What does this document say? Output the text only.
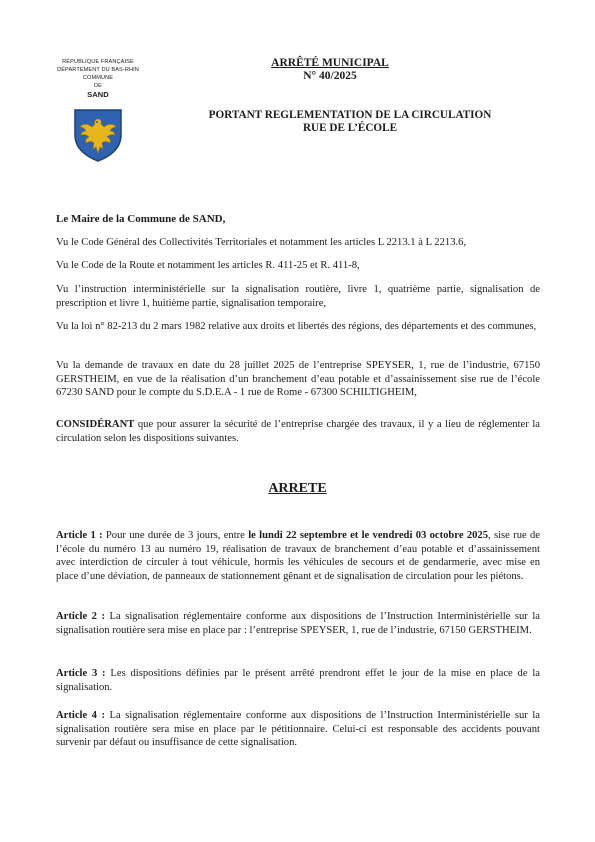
RÉPUBLIQUE FRANÇAISE
DÉPARTEMENT DU BAS-RHIN
COMMUNE
DE
SAND
ARRÊTÉ MUNICIPAL
N° 40/2025
PORTANT REGLEMENTATION DE LA CIRCULATION
RUE DE L’ÉCOLE
Le Maire de la Commune de SAND,
Vu le Code Général des Collectivités Territoriales et notamment les articles L 2213.1 à L 2213.6,
Vu le Code de la Route et notamment les articles R. 411-25 et R. 411-8,
Vu l’instruction interministérielle sur la signalisation routière, livre 1, quatrième partie, signalisation de prescription et livre 1, huitième partie, signalisation temporaire,
Vu la loi n° 82-213 du 2 mars 1982 relative aux droits et libertés des régions, des départements et des communes,
Vu la demande de travaux en date du 28 juillet 2025 de l’entreprise SPEYSER, 1, rue de l’industrie, 67150 GERSTHEIM, en vue de la réalisation d’un branchement d’eau potable et d’assainissement sise rue de l’école 67230 SAND pour le compte du S.D.E.A - 1 rue de Rome - 67300 SCHILTIGHEIM,
CONSIDÉRANT que pour assurer la sécurité de l’entreprise chargée des travaux, il y a lieu de réglementer la circulation selon les dispositions suivantes.
ARRETE
Article 1 : Pour une durée de 3 jours, entre le lundi 22 septembre et le vendredi 03 octobre 2025, sise rue de l’école du numéro 13 au numéro 19, réalisation de travaux de branchement d’eau potable et d’assainissement avec interdiction de circuler à tout véhicule, hormis les véhicules de secours et de gendarmerie, avec mise en place d’une déviation, de panneaux de stationnement gênant et de signalisation de circulation pour les piétons.
Article 2 : La signalisation réglementaire conforme aux dispositions de l’Instruction Interministérielle sur la signalisation routière sera mise en place par : l’entreprise SPEYSER, 1, rue de l’industrie, 67150 GERSTHEIM.
Article 3 : Les dispositions définies par le présent arrêté prendront effet le jour de la mise en place de la signalisation.
Article 4 : La signalisation réglementaire conforme aux dispositions de l’Instruction Interministérielle sur la signalisation routière sera mise en place par le pétitionnaire. Celui-ci est responsable des accidents pouvant survenir par défaut ou insuffisance de cette signalisation.
